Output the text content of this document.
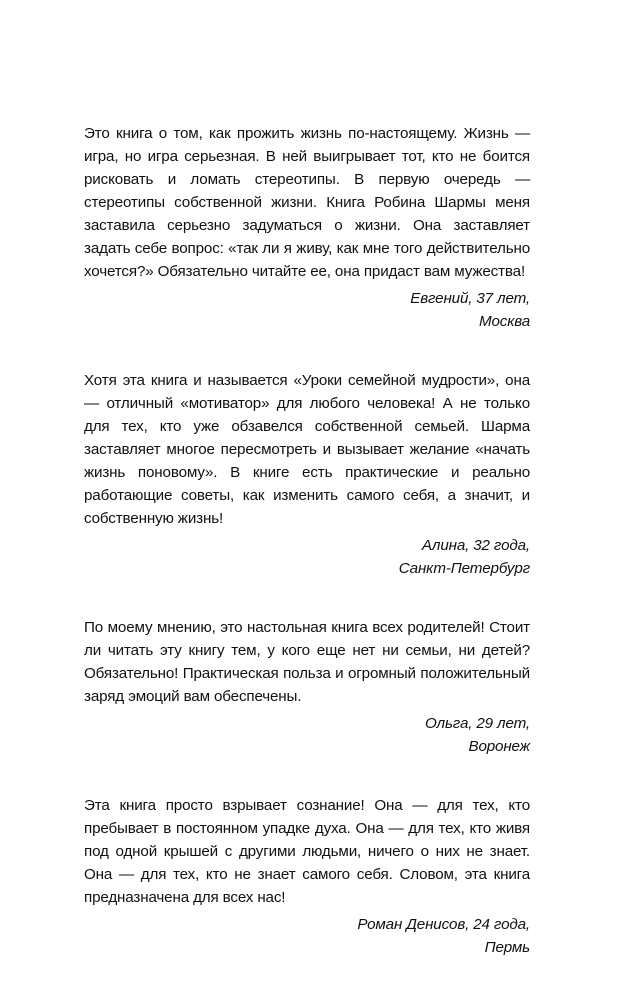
Это книга о том, как прожить жизнь по-настоящему. Жизнь — игра, но игра серьезная. В ней выигрывает тот, кто не боится рисковать и ломать стереотипы. В первую очередь — стереотипы собственной жизни. Книга Робина Шармы меня заставила серьезно задуматься о жизни. Она заставляет задать себе вопрос: «так ли я живу, как мне того действительно хочется?» Обязательно читайте ее, она придаст вам мужества!

Евгений, 37 лет,
Москва

Хотя эта книга и называется «Уроки семейной мудрости», она — отличный «мотиватор» для любого человека! А не только для тех, кто уже обзавелся собственной семьей. Шарма заставляет многое пересмотреть и вызывает желание «начать жизнь поновому». В книге есть практические и реально работающие советы, как изменить самого себя, а значит, и собственную жизнь!

Алина, 32 года,
Санкт-Петербург

По моему мнению, это настольная книга всех родителей! Стоит ли читать эту книгу тем, у кого еще нет ни семьи, ни детей? Обязательно! Практическая польза и огромный положительный заряд эмоций вам обеспечены.

Ольга, 29 лет,
Воронеж

Эта книга просто взрывает сознание! Она — для тех, кто пребывает в постоянном упадке духа. Она — для тех, кто живя под одной крышей с другими людьми, ничего о них не знает. Она — для тех, кто не знает самого себя. Словом, эта книга предназначена для всех нас!

Роман Денисов, 24 года,
Пермь
